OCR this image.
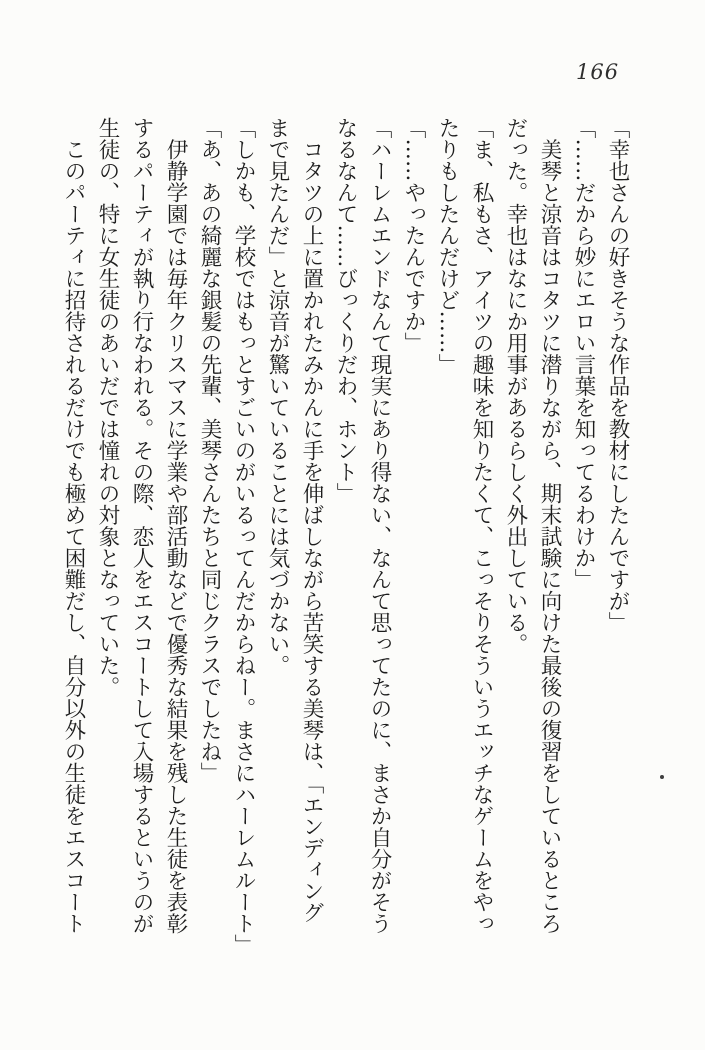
166

「幸也さんの好きそうな作品を教材にしたんですが」

「……だから妙にエロい言葉を知ってるわけか」

　美琴と涼音はコタツに潜りながら、期末試験に向けた最後の復習をしているところ

だった。幸也はなにか用事があるらしく外出している。

「ま、私もさ、アイツの趣味を知りたくて、こっそりそういうエッチなゲームをやっ

たりもしたんだけど……」

「……やったんですか」

「ハーレムエンドなんて現実にあり得ない、なんて思ってたのに、まさか自分がそう

なるなんて……びっくりだわ、ホント」

　コタツの上に置かれたみかんに手を伸ばしながら苦笑する美琴は、「エンディング

まで見たんだ」と涼音が驚いていることには気づかない。

「しかも、学校ではもっとすごいのがいるってんだからねー。まさにハーレムルート」

「あ、あの綺麗な銀髪の先輩、美琴さんたちと同じクラスでしたね」

　伊静学園では毎年クリスマスに学業や部活動などで優秀な結果を残した生徒を表彰

するパーティが執り行なわれる。その際、恋人をエスコートして入場するというのが

生徒の、特に女生徒のあいだでは憧れの対象となっていた。

　このパーティに招待されるだけでも極めて困難だし、自分以外の生徒をエスコート
